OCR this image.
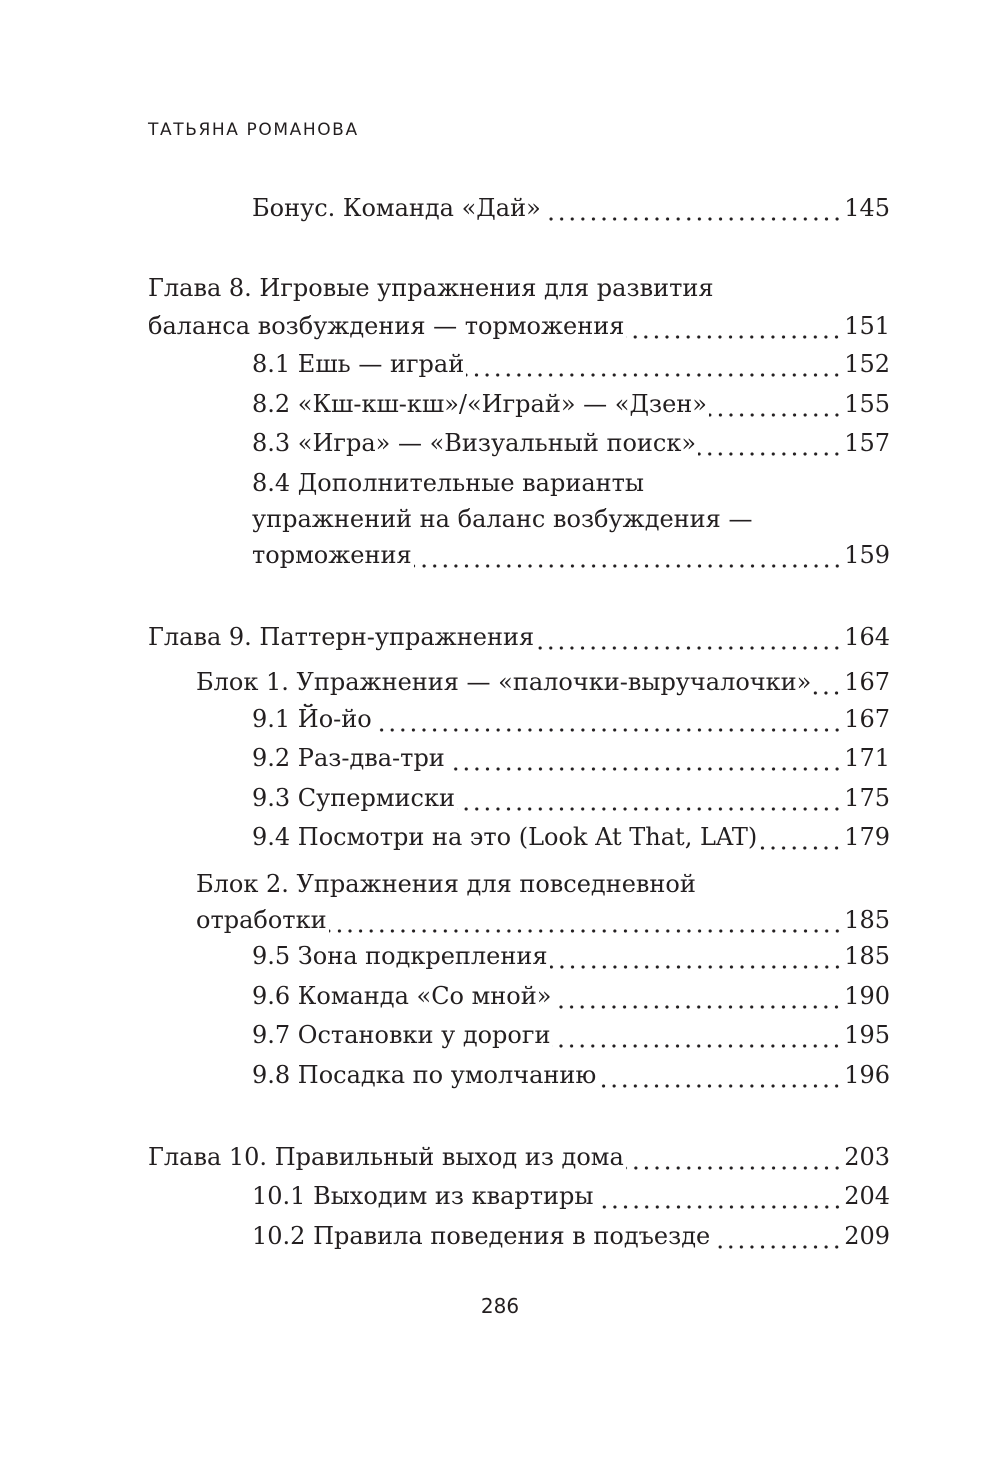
ТАТЬЯНА РОМАНОВА
Бонус. Команда «Дай»	145
Глава 8. Игровые упражнения для развития
баланса возбуждения — торможения	151
8.1 Ешь — играй	152
8.2 «Кш-кш-кш»/«Играй» — «Дзен»	155
8.3 «Игра» — «Визуальный поиск»	157
8.4 Дополнительные варианты
упражнений на баланс возбуждения —
торможения	159
Глава 9. Паттерн-упражнения	164
Блок 1. Упражнения — «палочки-выручалочки» 167
9.1 Йо-йо	167
9.2 Раз-два-три	171
9.3 Супермиски	175
9.4 Посмотри на это (Look At That, LAT)	179
Блок 2. Упражнения для повседневной
отработки	185
9.5 Зона подкрепления	185
9.6 Команда «Со мной»	190
9.7 Остановки у дороги	195
9.8 Посадка по умолчанию	196
Глава 10. Правильный выход из дома	203
10.1 Выходим из квартиры	204
10.2 Правила поведения в подъезде	209
286
